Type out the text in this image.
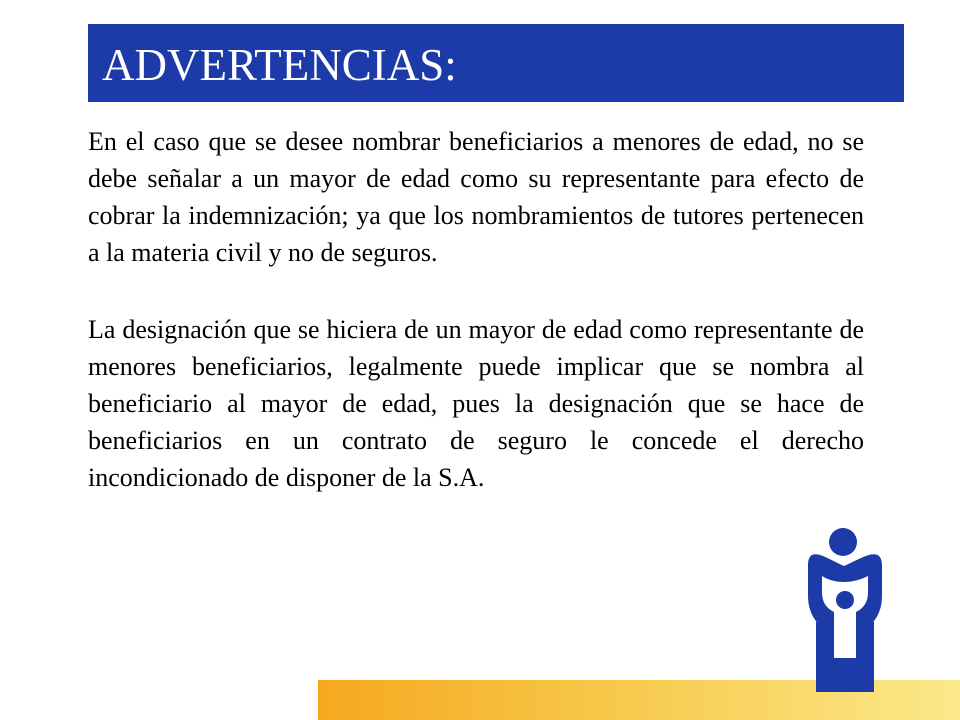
ADVERTENCIAS:

En el caso que se desee nombrar beneficiarios a menores de edad, no se debe señalar a un mayor de edad como su representante para efecto de cobrar la indemnización; ya que los nombramientos de tutores pertenecen a la materia civil y no de seguros.

La designación que se hiciera de un mayor de edad como representante de menores beneficiarios, legalmente puede implicar que se nombra al beneficiario al mayor de edad, pues la designación que se hace de beneficiarios en un contrato de seguro le concede el derecho incondicionado de disponer de la S.A.
